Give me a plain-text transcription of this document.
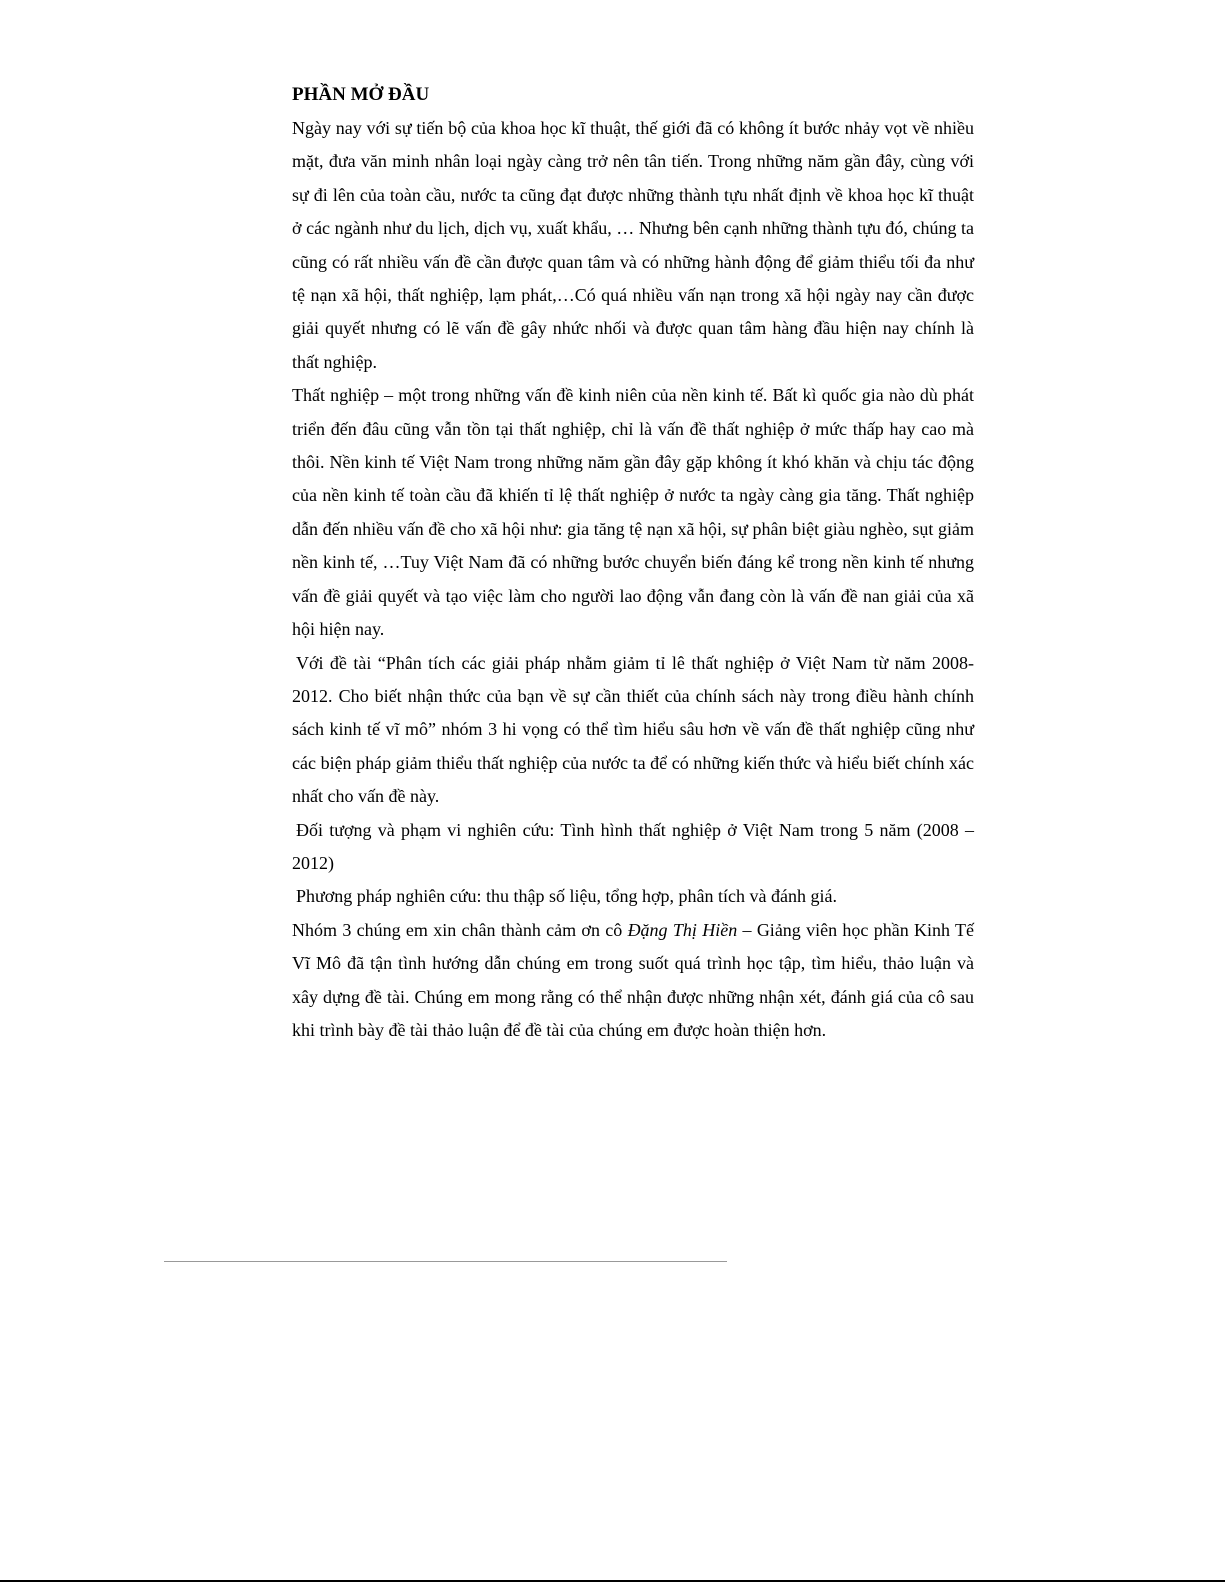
PHẦN MỞ ĐẦU

Ngày nay với sự tiến bộ của khoa học kĩ thuật, thế giới đã có không ít bước nhảy vọt về nhiều mặt, đưa văn minh nhân loại ngày càng trở nên tân tiến. Trong những năm gần đây, cùng với sự đi lên của toàn cầu, nước ta cũng đạt được những thành tựu nhất định về khoa học kĩ thuật ở các ngành như du lịch, dịch vụ, xuất khẩu, … Nhưng bên cạnh những thành tựu đó, chúng ta cũng có rất nhiều vấn đề cần được quan tâm và có những hành động để giảm thiểu tối đa như tệ nạn xã hội, thất nghiệp, lạm phát,…Có quá nhiều vấn nạn trong xã hội ngày nay cần được giải quyết nhưng có lẽ vấn đề gây nhức nhối và được quan tâm hàng đầu hiện nay chính là thất nghiệp.

Thất nghiệp – một trong những vấn đề kinh niên của nền kinh tế. Bất kì quốc gia nào dù phát triển đến đâu cũng vẫn tồn tại thất nghiệp, chỉ là vấn đề thất nghiệp ở mức thấp hay cao mà thôi. Nền kinh tế Việt Nam trong những năm gần đây gặp không ít khó khăn và chịu tác động của nền kinh tế toàn cầu đã khiến tỉ lệ thất nghiệp ở nước ta ngày càng gia tăng. Thất nghiệp dẫn đến nhiều vấn đề cho xã hội như: gia tăng tệ nạn xã hội, sự phân biệt giàu nghèo, sụt giảm nền kinh tế, …Tuy Việt Nam đã có những bước chuyển biến đáng kể trong nền kinh tế nhưng vấn đề giải quyết và tạo việc làm cho người lao động vẫn đang còn là vấn đề nan giải của xã hội hiện nay.

Với đề tài “Phân tích các giải pháp nhằm giảm tỉ lê thất nghiệp ở Việt Nam từ năm 2008-2012. Cho biết nhận thức của bạn về sự cần thiết của chính sách này trong điều hành chính sách kinh tế vĩ mô” nhóm 3 hi vọng có thể tìm hiểu sâu hơn về vấn đề thất nghiệp cũng như các biện pháp giảm thiểu thất nghiệp của nước ta để có những kiến thức và hiểu biết chính xác nhất cho vấn đề này.

Đối tượng và phạm vi nghiên cứu: Tình hình thất nghiệp ở Việt Nam trong 5 năm (2008 – 2012)

Phương pháp nghiên cứu: thu thập số liệu, tổng hợp, phân tích và đánh giá.

Nhóm 3 chúng em xin chân thành cảm ơn cô Đặng Thị Hiền – Giảng viên học phần Kinh Tế Vĩ Mô đã tận tình hướng dẫn chúng em trong suốt quá trình học tập, tìm hiểu, thảo luận và xây dựng đề tài. Chúng em mong rằng có thể nhận được những nhận xét, đánh giá của cô sau khi trình bày đề tài thảo luận để đề tài của chúng em được hoàn thiện hơn.
